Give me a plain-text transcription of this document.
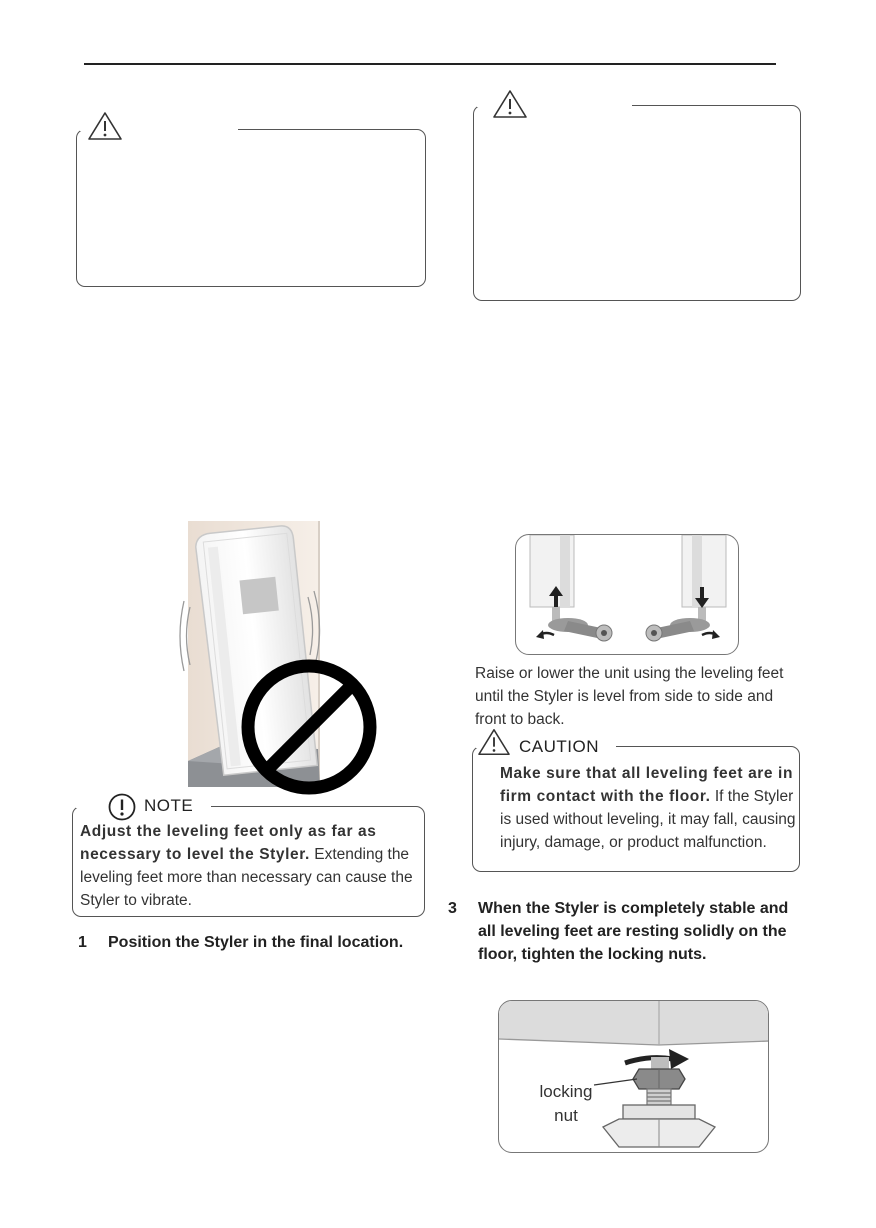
NOTE
Adjust the leveling feet only as far as necessary to level the Styler. Extending the leveling feet more than necessary can cause the Styler to vibrate.
1 Position the Styler in the final location.
Raise or lower the unit using the leveling feet until the Styler is level from side to side and front to back.
CAUTION
Make sure that all leveling feet are in firm contact with the floor. If the Styler is used without leveling, it may fall, causing injury, damage, or product malfunction.
3 When the Styler is completely stable and all leveling feet are resting solidly on the floor, tighten the locking nuts.
locking
nut
